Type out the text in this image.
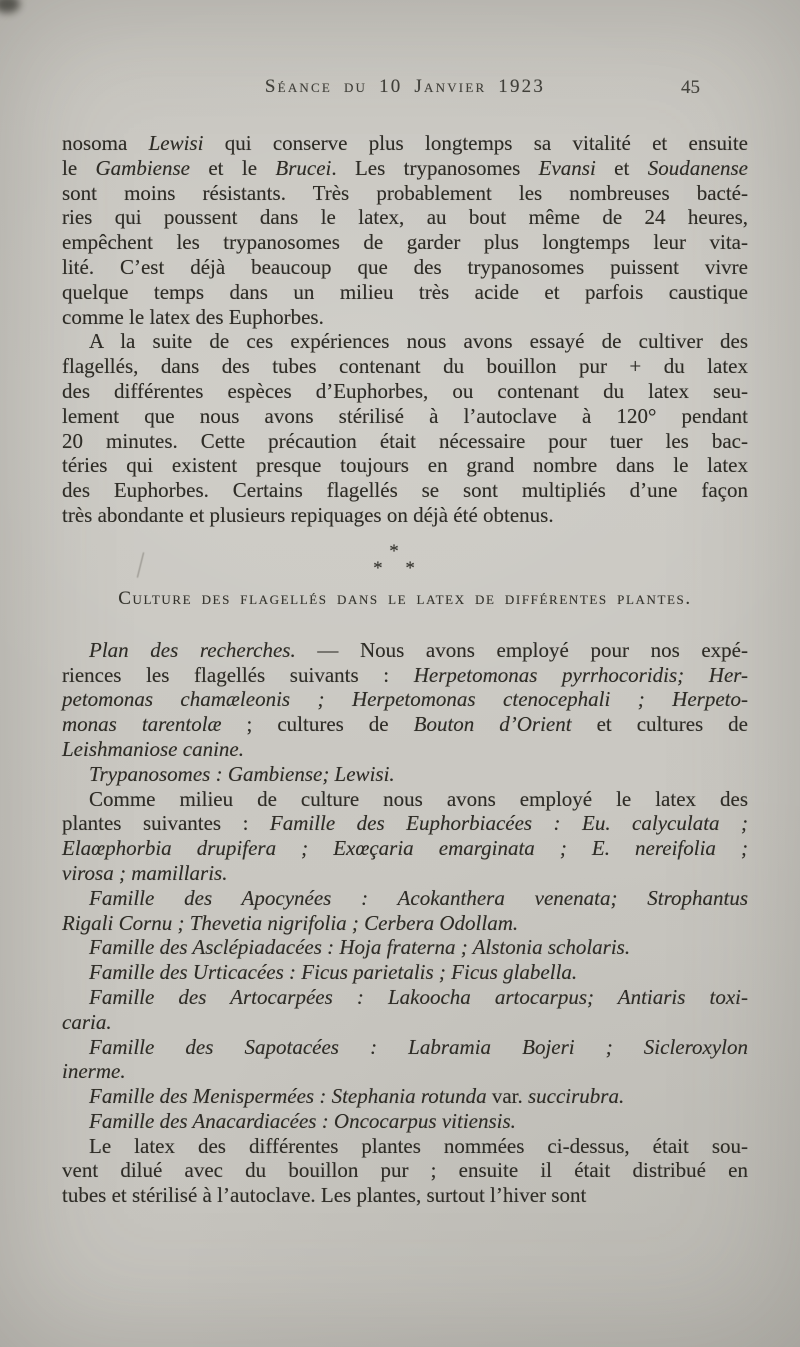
Séance du 10 Janvier 1923	45

nosoma Lewisi qui conserve plus longtemps sa vitalité et ensuite
le Gambiense et le Brucei. Les trypanosomes Evansi et Soudanense
sont moins résistants. Très probablement les nombreuses bacté-
ries qui poussent dans le latex, au bout même de 24 heures,
empêchent les trypanosomes de garder plus longtemps leur vita-
lité. C’est déjà beaucoup que des trypanosomes puissent vivre
quelque temps dans un milieu très acide et parfois caustique
comme le latex des Euphorbes.

A la suite de ces expériences nous avons essayé de cultiver des
flagellés, dans des tubes contenant du bouillon pur + du latex
des différentes espèces d’Euphorbes, ou contenant du latex seu-
lement que nous avons stérilisé à l’autoclave à 120° pendant
20 minutes. Cette précaution était nécessaire pour tuer les bac-
téries qui existent presque toujours en grand nombre dans le latex
des Euphorbes. Certains flagellés se sont multipliés d’une façon
très abondante et plusieurs repiquages on déjà été obtenus.

*
* *
Culture des flagellés dans le latex de différentes plantes.

Plan des recherches. — Nous avons employé pour nos expé-
riences les flagellés suivants : Herpetomonas pyrrhocoridis; Her-
petomonas chamæleonis ; Herpetomonas ctenocephali ; Herpeto-
monas tarentolæ ; cultures de Bouton d’Orient et cultures de
Leishmaniose canine.

Trypanosomes : Gambiense; Lewisi.

Comme milieu de culture nous avons employé le latex des
plantes suivantes : Famille des Euphorbiacées : Eu. calyculata ;
Elaœphorbia drupifera ; Exœçaria emarginata ; E. nereifolia ;
virosa ; mamillaris.

Famille des Apocynées : Acokanthera venenata; Strophantus
Rigali Cornu ; Thevetia nigrifolia ; Cerbera Odollam.

Famille des Asclépiadacées : Hoja fraterna ; Alstonia scholaris.

Famille des Urticacées : Ficus parietalis ; Ficus glabella.

Famille des Artocarpées : Lakoocha artocarpus; Antiaris toxi-
caria.

Famille des Sapotacées : Labramia Bojeri ; Sicleroxylon
inerme.

Famille des Menispermées : Stephania rotunda var. succirubra.

Famille des Anacardiacées : Oncocarpus vitiensis.

Le latex des différentes plantes nommées ci-dessus, était sou-
vent dilué avec du bouillon pur ; ensuite il était distribué en
tubes et stérilisé à l’autoclave. Les plantes, surtout l’hiver sont
